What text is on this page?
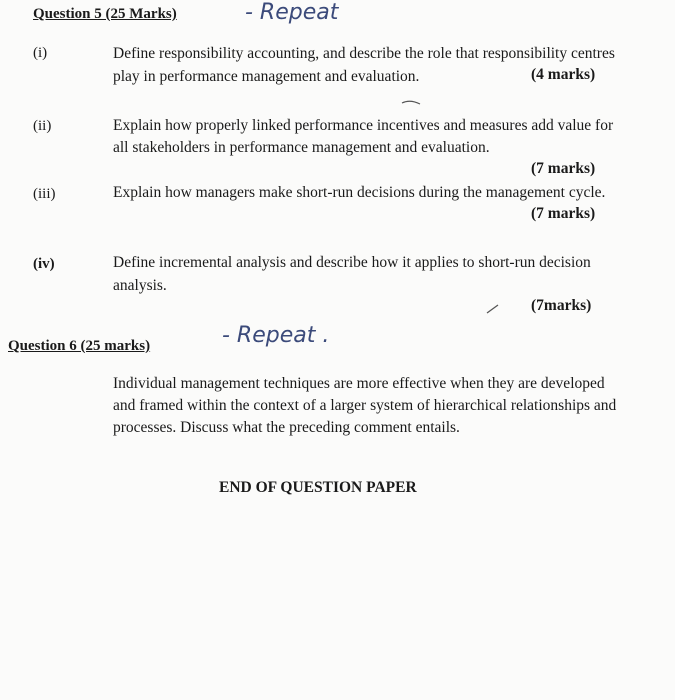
Question 5 (25 Marks)	- Repeat
(i)	Define responsibility accounting, and describe the role that responsibility centres
play in performance management and evaluation.	(4 marks)
(ii)	Explain how properly linked performance incentives and measures add value for
all stakeholders in performance management and evaluation.
(7 marks)
(iii)	Explain how managers make short-run decisions during the management cycle.
(7 marks)
(iv)	Define incremental analysis and describe how it applies to short-run decision
analysis.
(7marks)
Question 6 (25 marks)	- Repeat .
Individual management techniques are more effective when they are developed
and framed within the context of a larger system of hierarchical relationships and
processes. Discuss what the preceding comment entails.
END OF QUESTION PAPER
